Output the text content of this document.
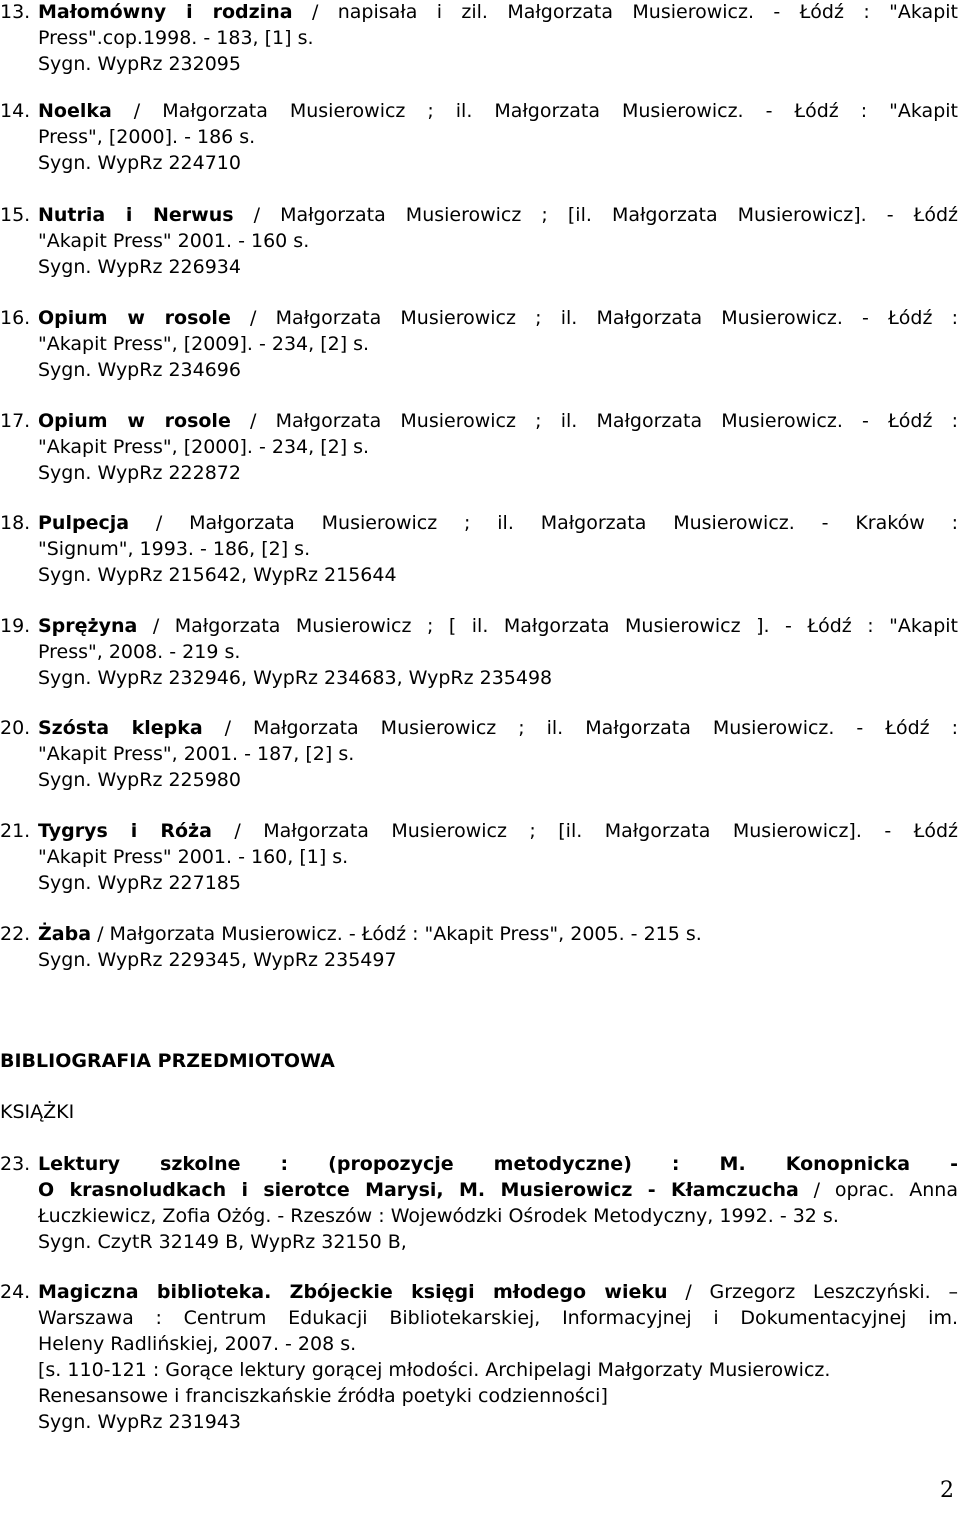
13. Małomówny i rodzina / napisała i zil. Małgorzata Musierowicz. - Łódź : "Akapit
Press".cop.1998. - 183, [1] s.
Sygn. WypRz 232095
14. Noelka / Małgorzata Musierowicz ; il. Małgorzata Musierowicz. - Łódź : "Akapit
Press", [2000]. - 186 s.
Sygn. WypRz 224710
15. Nutria i Nerwus / Małgorzata Musierowicz ; [il. Małgorzata Musierowicz]. - Łódź
"Akapit Press" 2001. - 160 s.
Sygn. WypRz 226934
16. Opium w rosole / Małgorzata Musierowicz ; il. Małgorzata Musierowicz. - Łódź :
"Akapit Press", [2009]. - 234, [2] s.
Sygn. WypRz 234696
17. Opium w rosole / Małgorzata Musierowicz ; il. Małgorzata Musierowicz. - Łódź :
"Akapit Press", [2000]. - 234, [2] s.
Sygn. WypRz 222872
18. Pulpecja / Małgorzata Musierowicz ; il. Małgorzata Musierowicz. - Kraków :
"Signum", 1993. - 186, [2] s.
Sygn. WypRz 215642, WypRz 215644
19. Sprężyna / Małgorzata Musierowicz ; [ il. Małgorzata Musierowicz ]. - Łódź : "Akapit
Press", 2008. - 219 s.
Sygn. WypRz 232946, WypRz 234683, WypRz 235498
20. Szósta klepka / Małgorzata Musierowicz ; il. Małgorzata Musierowicz. - Łódź :
"Akapit Press", 2001. - 187, [2] s.
Sygn. WypRz 225980
21. Tygrys i Róża / Małgorzata Musierowicz ; [il. Małgorzata Musierowicz]. - Łódź
"Akapit Press" 2001. - 160, [1] s.
Sygn. WypRz 227185
22. Żaba / Małgorzata Musierowicz. - Łódź : "Akapit Press", 2005. - 215 s.
Sygn. WypRz 229345, WypRz 235497
BIBLIOGRAFIA PRZEDMIOTOWA
KSIĄŻKI
23. Lektury szkolne : (propozycje metodyczne) : M. Konopnicka -
O krasnoludkach i sierotce Marysi, M. Musierowicz - Kłamczucha / oprac. Anna
Łuczkiewicz, Zofia Ożóg. - Rzeszów : Wojewódzki Ośrodek Metodyczny, 1992. - 32 s.
Sygn. CzytR 32149 B, WypRz 32150 B,
24. Magiczna biblioteka. Zbójeckie księgi młodego wieku / Grzegorz Leszczyński. –
Warszawa : Centrum Edukacji Bibliotekarskiej, Informacyjnej i Dokumentacyjnej im.
Heleny Radlińskiej, 2007. - 208 s.
[s. 110-121 : Gorące lektury gorącej młodości. Archipelagi Małgorzaty Musierowicz.
Renesansowe i franciszkańskie źródła poetyki codzienności]
Sygn. WypRz 231943
2
